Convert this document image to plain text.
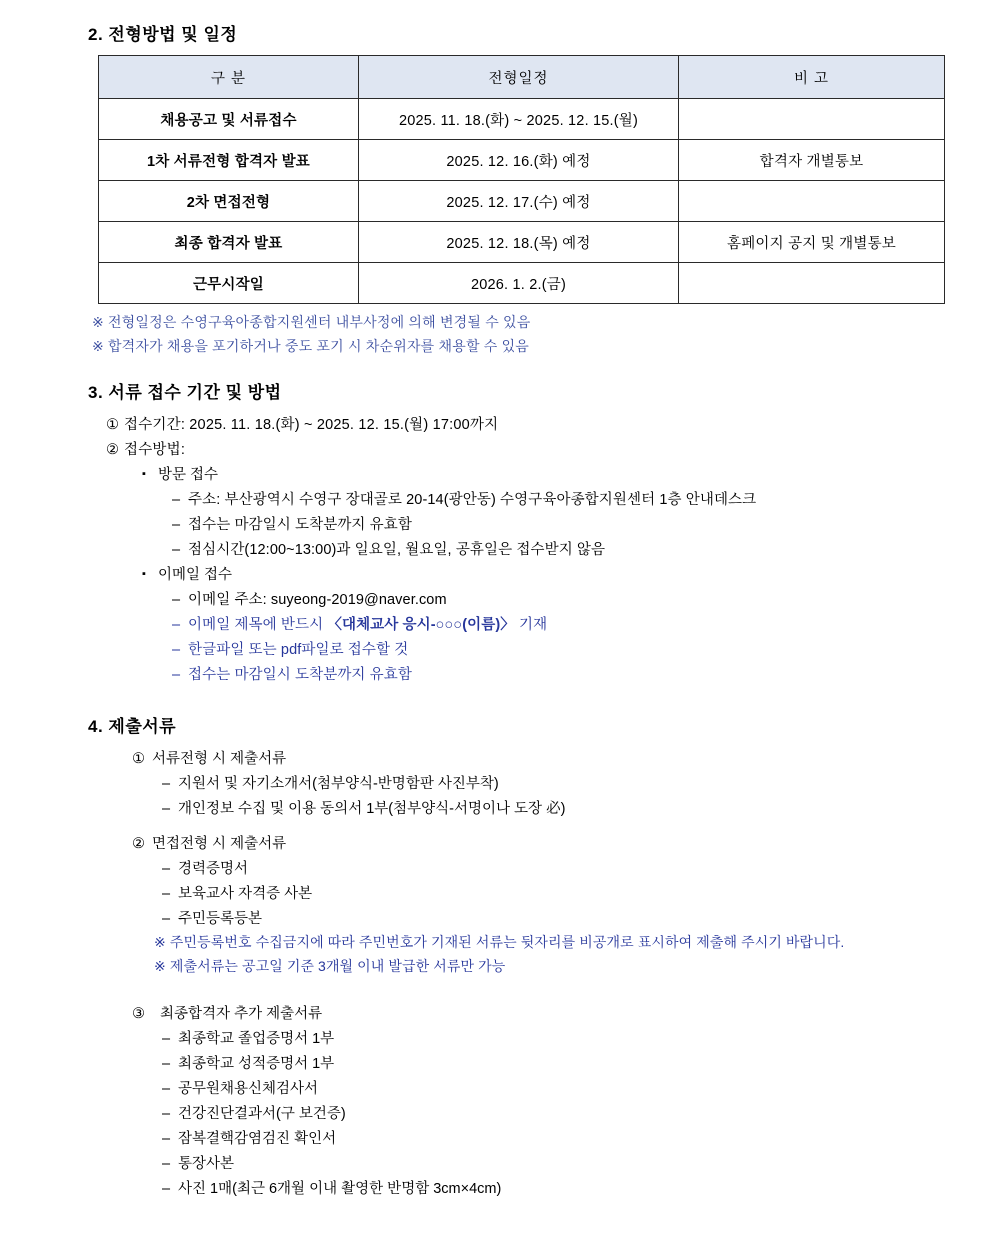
2. 전형방법 및 일정
구 분	전형일정	비 고
채용공고 및 서류접수	2025. 11. 18.(화) ~ 2025. 12. 15.(월)	
1차 서류전형 합격자 발표	2025. 12. 16.(화) 예정	합격자 개별통보
2차 면접전형	2025. 12. 17.(수) 예정	
최종 합격자 발표	2025. 12. 18.(목) 예정	홈페이지 공지 및 개별통보
근무시작일	2026. 1. 2.(금)	
※ 전형일정은 수영구육아종합지원센터 내부사정에 의해 변경될 수 있음
※ 합격자가 채용을 포기하거나 중도 포기 시 차순위자를 채용할 수 있음
3. 서류 접수 기간 및 방법
① 접수기간: 2025. 11. 18.(화) ~ 2025. 12. 15.(월) 17:00까지
② 접수방법:
▪ 방문 접수
– 주소: 부산광역시 수영구 장대골로 20-14(광안동) 수영구육아종합지원센터 1층 안내데스크
– 접수는 마감일시 도착분까지 유효함
– 점심시간(12:00~13:00)과 일요일, 월요일, 공휴일은 접수받지 않음
▪ 이메일 접수
– 이메일 주소: suyeong-2019@naver.com
– 이메일 제목에 반드시 〈대체교사 응시-○○○(이름)〉 기재
– 한글파일 또는 pdf파일로 접수할 것
– 접수는 마감일시 도착분까지 유효함
4. 제출서류
① 서류전형 시 제출서류
– 지원서 및 자기소개서(첨부양식-반명함판 사진부착)
– 개인정보 수집 및 이용 동의서 1부(첨부양식-서명이나 도장 必)
② 면접전형 시 제출서류
– 경력증명서
– 보육교사 자격증 사본
– 주민등록등본
※ 주민등록번호 수집금지에 따라 주민번호가 기재된 서류는 뒷자리를 비공개로 표시하여 제출해 주시기 바랍니다.
※ 제출서류는 공고일 기준 3개월 이내 발급한 서류만 가능
③ 최종합격자 추가 제출서류
– 최종학교 졸업증명서 1부
– 최종학교 성적증명서 1부
– 공무원채용신체검사서
– 건강진단결과서(구 보건증)
– 잠복결핵감염검진 확인서
– 통장사본
– 사진 1매(최근 6개월 이내 촬영한 반명함 3cm×4cm)
